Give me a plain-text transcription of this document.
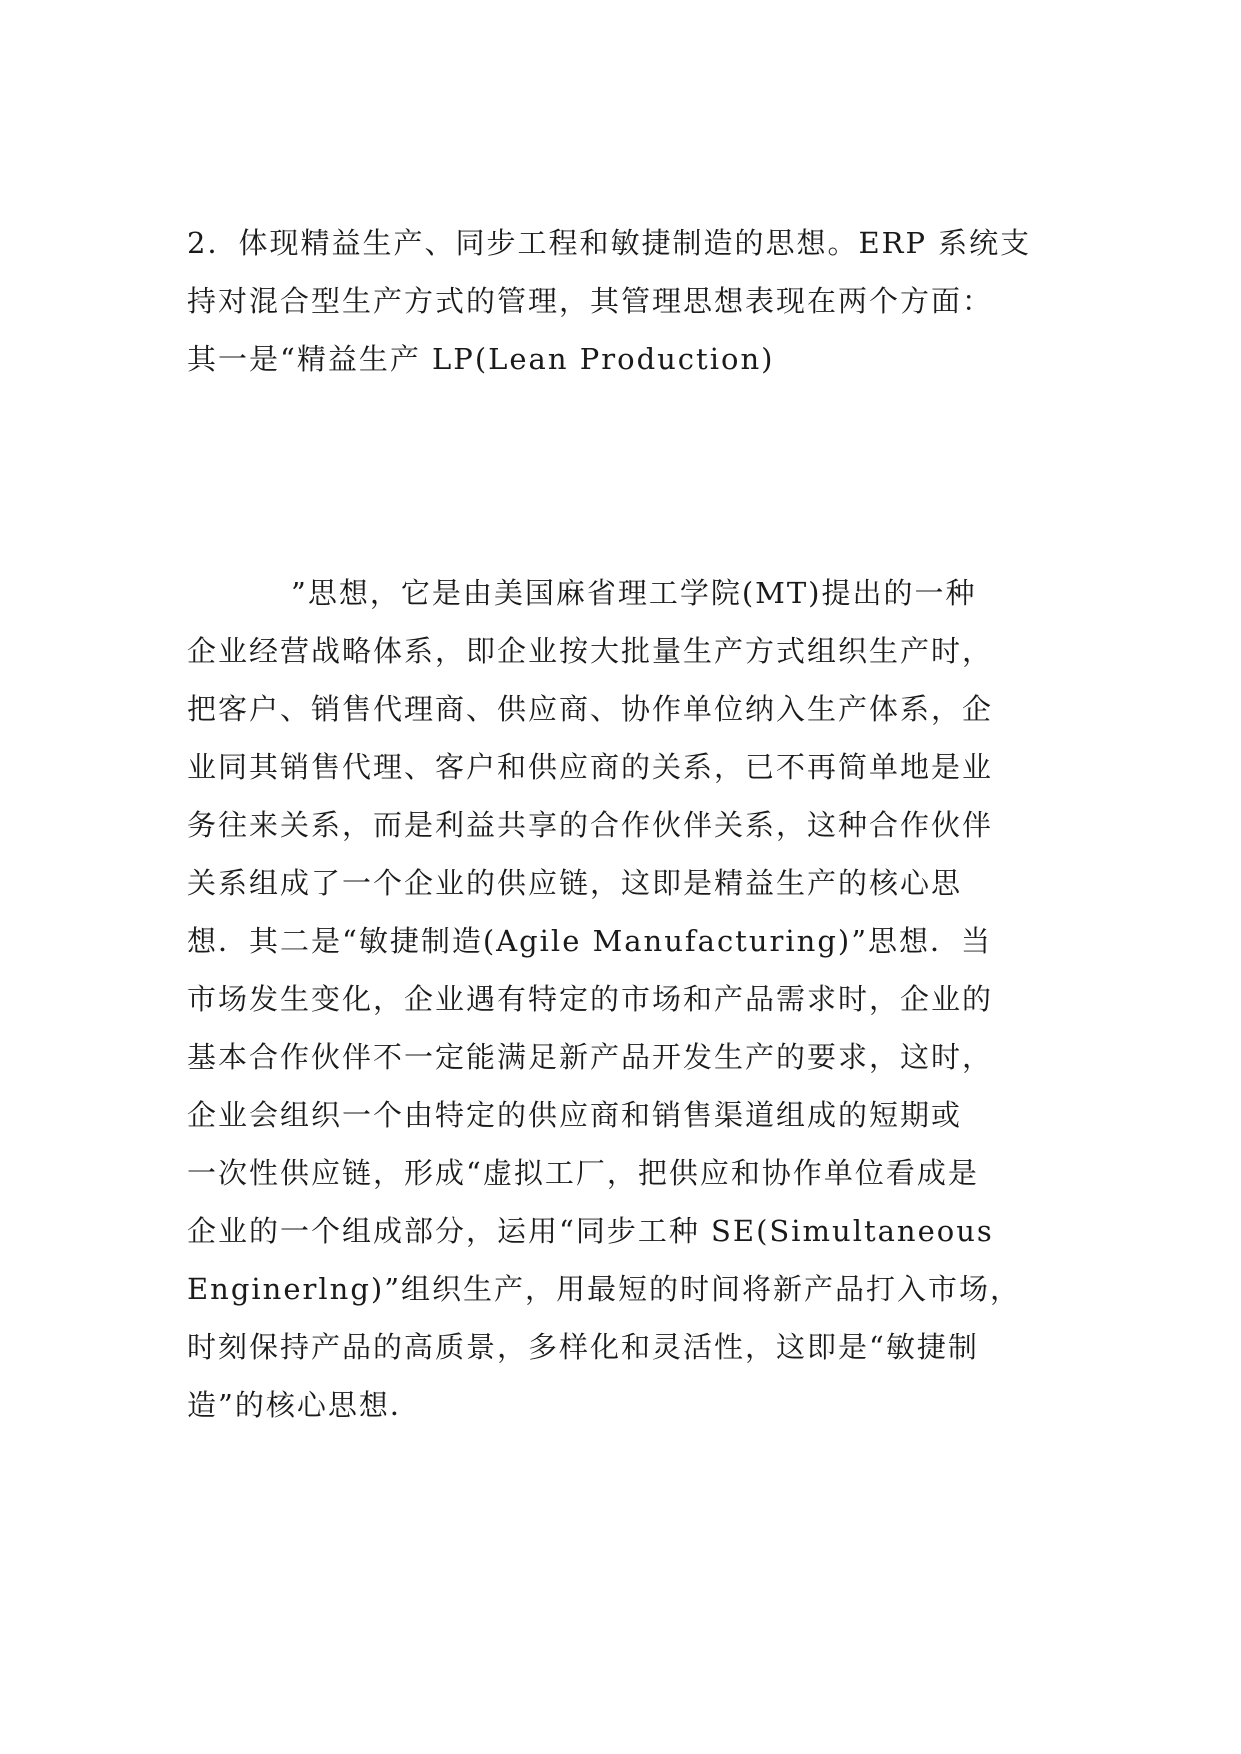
2．体现精益生产、同步工程和敏捷制造的思想。ERP 系统支
持对混合型生产方式的管理，其管理思想表现在两个方面：
其一是“精益生产 LP(Lean Production)
”思想，它是由美国麻省理工学院(MT)提出的一种
企业经营战略体系，即企业按大批量生产方式组织生产时，
把客户、销售代理商、供应商、协作单位纳入生产体系，企
业同其销售代理、客户和供应商的关系，已不再简单地是业
务往来关系，而是利益共享的合作伙伴关系，这种合作伙伴
关系组成了一个企业的供应链，这即是精益生产的核心思
想．其二是“敏捷制造(Agile Manufacturing)”思想．当
市场发生变化，企业遇有特定的市场和产品需求时，企业的
基本合作伙伴不一定能满足新产品开发生产的要求，这时，
企业会组织一个由特定的供应商和销售渠道组成的短期或
一次性供应链，形成“虚拟工厂，把供应和协作单位看成是
企业的一个组成部分，运用“同步工种 SE(Simultaneous
Enginerlng)”组织生产，用最短的时间将新产品打入市场，
时刻保持产品的高质景，多样化和灵活性，这即是“敏捷制
造”的核心思想．
